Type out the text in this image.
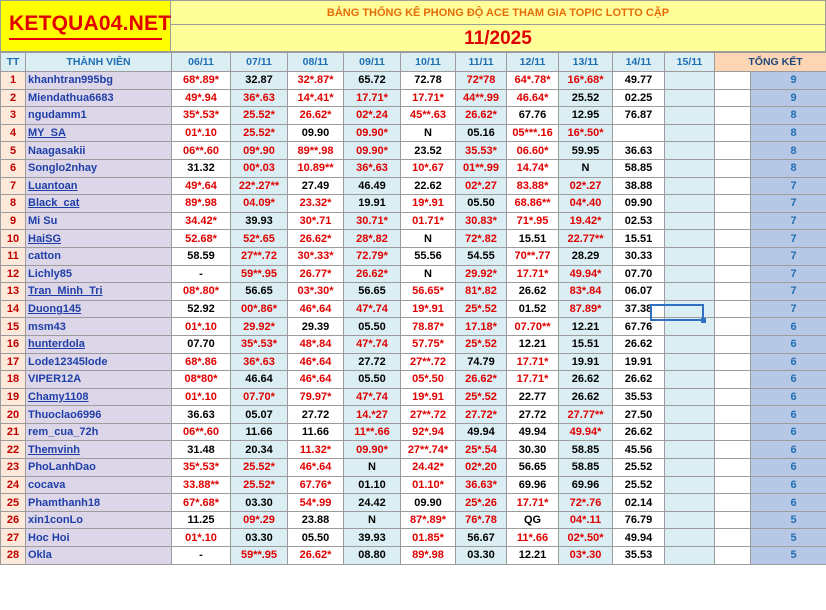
KETQUA04.NET	BẢNG THỐNG KÊ PHONG ĐỘ ACE THAM GIA TOPIC LOTTO CẶP
11/2025
TT	THÀNH VIÊN	06/11	07/11	08/11	09/11	10/11	11/11	12/11	13/11	14/11	15/11	TỔNG KẾT	
1	khanhtran995bg	68*.89*	32.87	32*.87*	65.72	72.78	72*78	64*.78*	16*.68*	49.77			9
2	Miendathua6683	49*.94	36*.63	14*.41*	17.71*	17.71*	44**.99	46.64*	25.52	02.25			9
3	ngudamm1	35*.53*	25.52*	26.62*	02*.24	45**.63	26.62*	67.76	12.95	76.87			8
4	MY_SA	01*.10	25.52*	09.90	09.90*	N	05.16	05***.16	16*.50*				8
5	Naagasakii	06**.60	09*.90	89**.98	09.90*	23.52	35.53*	06.60*	59.95	36.63			8
6	Songlo2nhay	31.32	00*.03	10.89**	36*.63	10*.67	01**.99	14.74*	N	58.85			8
7	Luantoan	49*.64	22*.27**	27.49	46.49	22.62	02*.27	83.88*	02*.27	38.88			7
8	Black_cat	89*.98	04.09*	23.32*	19.91	19*.91	05.50	68.86**	04*.40	09.90			7
9	Mi Su	34.42*	39.93	30*.71	30.71*	01.71*	30.83*	71*.95	19.42*	02.53			7
10	HaiSG	52.68*	52*.65	26.62*	28*.82	N	72*.82	15.51	22.77**	15.51			7
11	catton	58.59	27**.72	30*.33*	72.79*	55.56	54.55	70**.77	28.29	30.33			7
12	Lichly85	-	59**.95	26.77*	26.62*	N	29.92*	17.71*	49.94*	07.70			7
13	Tran_Minh_Tri	08*.80*	56.65	03*.30*	56.65	56.65*	81*.82	26.62	83*.84	06.07			7
14	Duong145	52.92	00*.86*	46*.64	47*.74	19*.91	25*.52	01.52	87.89*	37.38			7
15	msm43	01*.10	29.92*	29.39	05.50	78.87*	17.18*	07.70**	12.21	67.76			6
16	hunterdola	07.70	35*.53*	48*.84	47*.74	57.75*	25*.52	12.21	15.51	26.62			6
17	Lode12345lode	68*.86	36*.63	46*.64	27.72	27**.72	74.79	17.71*	19.91	19.91			6
18	VIPER12A	08*80*	46.64	46*.64	05.50	05*.50	26.62*	17.71*	26.62	26.62			6
19	Chamy1108	01*.10	07.70*	79.97*	47*.74	19*.91	25*.52	22.77	26.62	35.53			6
20	Thuoclao6996	36.63	05.07	27.72	14.*27	27**.72	27.72*	27.72	27.77**	27.50			6
21	rem_cua_72h	06**.60	11.66	11.66	11**.66	92*.94	49.94	49.94	49.94*	26.62			6
22	Themvinh	31.48	20.34	11.32*	09.90*	27**.74*	25*.54	30.30	58.85	45.56			6
23	PhoLanhDao	35*.53*	25.52*	46*.64	N	24.42*	02*.20	56.65	58.85	25.52			6
24	cocava	33.88**	25.52*	67.76*	01.10	01.10*	36.63*	69.96	69.96	25.52			6
25	Phamthanh18	67*.68*	03.30	54*.99	24.42	09.90	25*.26	17.71*	72*.76	02.14			6
26	xin1conLo	11.25	09*.29	23.88	N	87*.89*	76*.78	QG	04*.11	76.79			5
27	Hoc Hoi	01*.10	03.30	05.50	39.93	01.85*	56.67	11*.66	02*.50*	49.94			5
28	Okla	-	59**.95	26.62*	08.80	89*.98	03.30	12.21	03*.30	35.53			5
